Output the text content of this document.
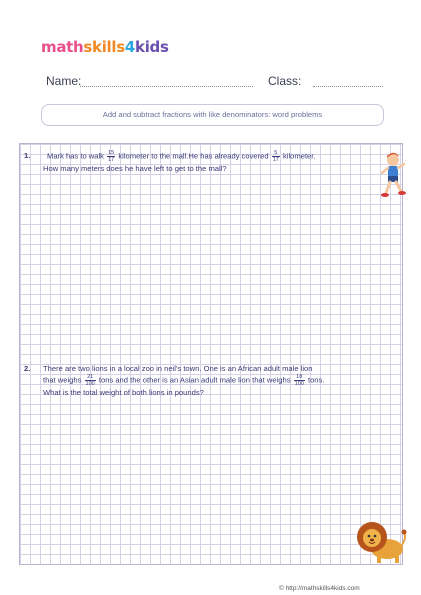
mathskills4kids
Name:	Class:
Add and subtract fractions with like denominators: word problems
1.	Mark has to walk $\frac{15}{17}$ kilometer to the mall.He has already covered $\frac{5}{17}$ kilometer.
How many meters does he have left to get to the mall?
2.	There are two lions in a local zoo in neil's town. One is an African adult male lion
that weighs $\frac{21}{100}$ tons and the other is an Asian adult male lion that weighs $\frac{18}{100}$ tons.
What is the total weight of both lions in pounds?
© http://mathskills4kids.com
